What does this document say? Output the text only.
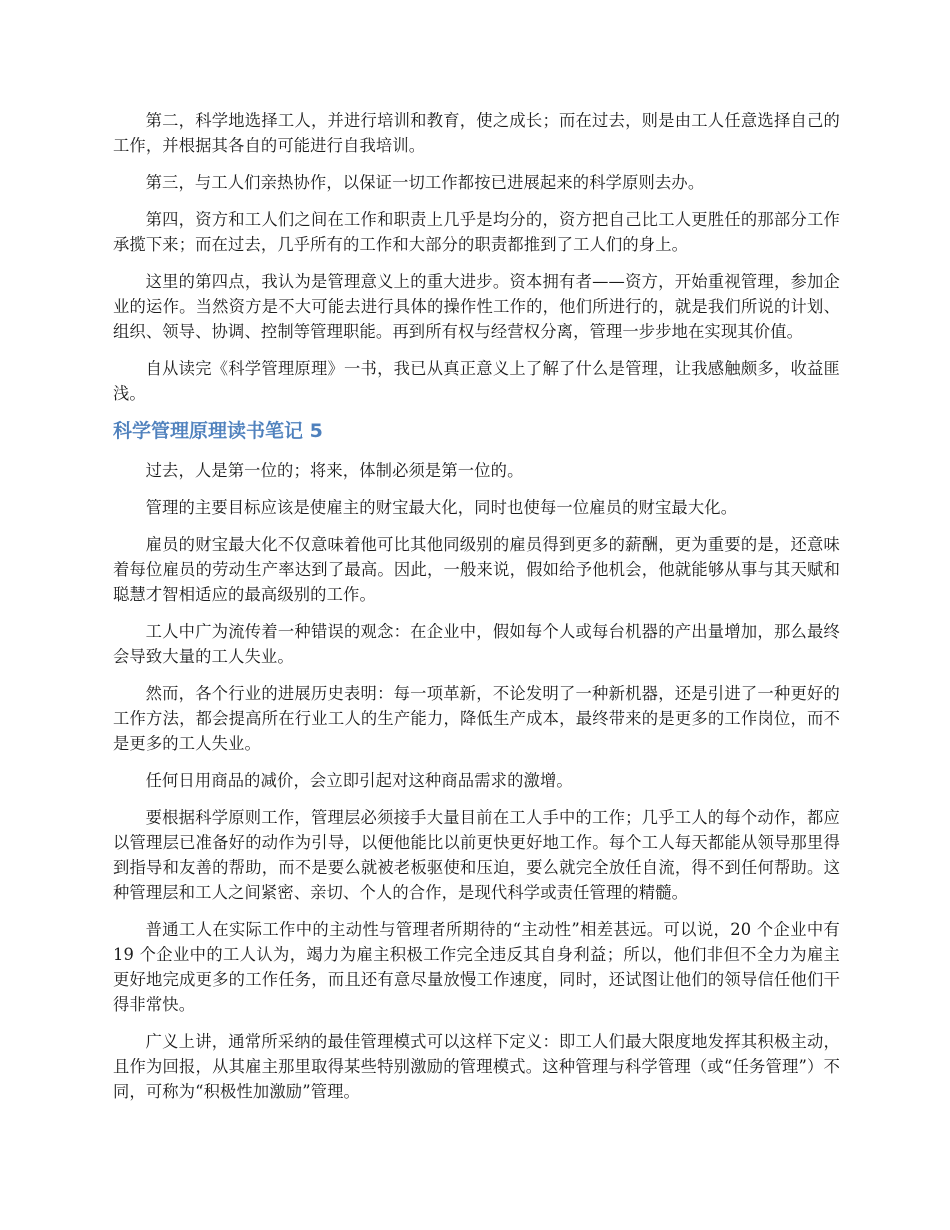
第二，科学地选择工人，并进行培训和教育，使之成长；而在过去，则是由工人任意选择自己的工作，并根据其各自的可能进行自我培训。

第三，与工人们亲热协作，以保证一切工作都按已进展起来的科学原则去办。

第四，资方和工人们之间在工作和职责上几乎是均分的，资方把自己比工人更胜任的那部分工作承揽下来；而在过去，几乎所有的工作和大部分的职责都推到了工人们的身上。

这里的第四点，我认为是管理意义上的重大进步。资本拥有者——资方，开始重视管理，参加企业的运作。当然资方是不大可能去进行具体的操作性工作的，他们所进行的，就是我们所说的计划、组织、领导、协调、控制等管理职能。再到所有权与经营权分离，管理一步步地在实现其价值。

自从读完《科学管理原理》一书，我已从真正意义上了解了什么是管理，让我感触颇多，收益匪浅。

科学管理原理读书笔记 5

过去，人是第一位的；将来，体制必须是第一位的。

管理的主要目标应该是使雇主的财宝最大化，同时也使每一位雇员的财宝最大化。

雇员的财宝最大化不仅意味着他可比其他同级别的雇员得到更多的薪酬，更为重要的是，还意味着每位雇员的劳动生产率达到了最高。因此，一般来说，假如给予他机会，他就能够从事与其天赋和聪慧才智相适应的最高级别的工作。

工人中广为流传着一种错误的观念：在企业中，假如每个人或每台机器的产出量增加，那么最终会导致大量的工人失业。

然而，各个行业的进展历史表明：每一项革新，不论发明了一种新机器，还是引进了一种更好的工作方法，都会提高所在行业工人的生产能力，降低生产成本，最终带来的是更多的工作岗位，而不是更多的工人失业。

任何日用商品的减价，会立即引起对这种商品需求的激增。

要根据科学原则工作，管理层必须接手大量目前在工人手中的工作；几乎工人的每个动作，都应以管理层已准备好的动作为引导，以便他能比以前更快更好地工作。每个工人每天都能从领导那里得到指导和友善的帮助，而不是要么就被老板驱使和压迫，要么就完全放任自流，得不到任何帮助。这种管理层和工人之间紧密、亲切、个人的合作，是现代科学或责任管理的精髓。

普通工人在实际工作中的主动性与管理者所期待的“主动性”相差甚远。可以说，20 个企业中有 19 个企业中的工人认为，竭力为雇主积极工作完全违反其自身利益；所以，他们非但不全力为雇主更好地完成更多的工作任务，而且还有意尽量放慢工作速度，同时，还试图让他们的领导信任他们干得非常快。

广义上讲，通常所采纳的最佳管理模式可以这样下定义：即工人们最大限度地发挥其积极主动，且作为回报，从其雇主那里取得某些特别激励的管理模式。这种管理与科学管理（或“任务管理”）不同，可称为“积极性加激励”管理。
